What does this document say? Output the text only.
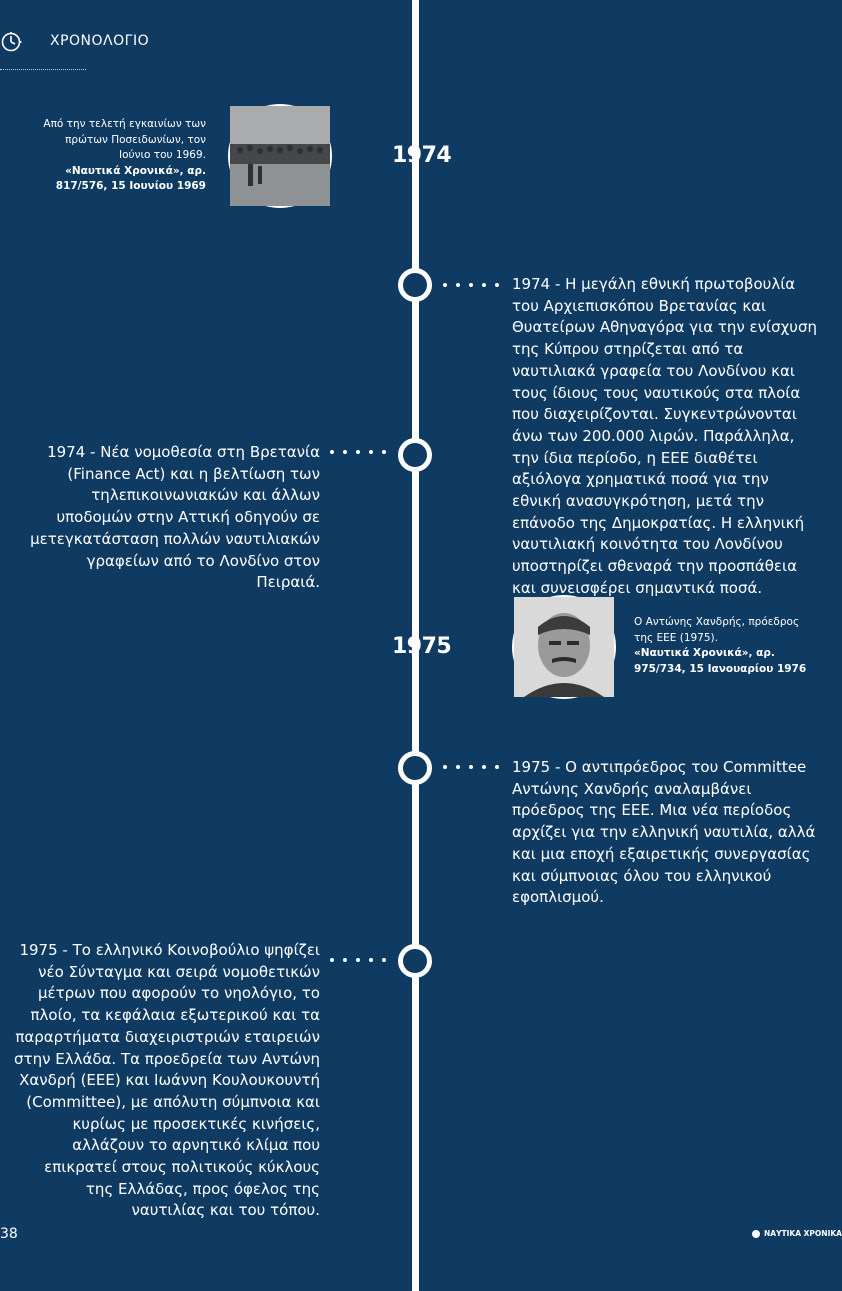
ΧΡΟΝΟΛΟΓΙΟ
1974
1975
Από την τελετή εγκαινίων των πρώτων Ποσειδωνίων, τον Ιούνιο του 1969.
«Ναυτικά Χρονικά», αρ.
817/576, 15 Ιουνίου 1969
1974 - Η μεγάλη εθνική πρωτοβουλία του Αρχιεπισκόπου Βρετανίας και Θυατείρων Αθηναγόρα για την ενίσχυση της Κύπρου στηρίζεται από τα ναυτιλιακά γραφεία του Λονδίνου και τους ίδιους τους ναυτικούς στα πλοία που διαχειρίζονται. Συγκεντρώνονται άνω των 200.000 λιρών. Παράλληλα, την ίδια περίοδο, η ΕΕΕ διαθέτει αξιόλογα χρηματικά ποσά για την εθνική ανασυγκρότηση, μετά την επάνοδο της Δημοκρατίας. Η ελληνική ναυτιλιακή κοινότητα του Λονδίνου υποστηρίζει σθεναρά την προσπάθεια και συνεισφέρει σημαντικά ποσά.
1974 - Νέα νομοθεσία στη Βρετανία (Finance Act) και η βελτίωση των τηλεπικοινωνιακών και άλλων υποδομών στην Αττική οδηγούν σε μετεγκατάσταση πολλών ναυτιλιακών γραφείων από το Λονδίνο στον Πειραιά.
Ο Αντώνης Χανδρής, πρόεδρος της ΕΕΕ (1975).
«Ναυτικά Χρονικά», αρ.
975/734, 15 Ιανουαρίου 1976
1975 - Ο αντιπρόεδρος του Committee Αντώνης Χανδρής αναλαμβάνει πρόεδρος της ΕΕΕ. Μια νέα περίοδος αρχίζει για την ελληνική ναυτιλία, αλλά και μια εποχή εξαιρετικής συνεργασίας και σύμπνοιας όλου του ελληνικού εφοπλισμού.
1975 - Το ελληνικό Κοινοβούλιο ψηφίζει νέο Σύνταγμα και σειρά νομοθετικών μέτρων που αφορούν το νηολόγιο, το πλοίο, τα κεφάλαια εξωτερικού και τα παραρτήματα διαχειριστριών εταιρειών στην Ελλάδα. Τα προεδρεία των Αντώνη Χανδρή (ΕΕΕ) και Ιωάννη Κουλουκουντή (Committee), με απόλυτη σύμπνοια και κυρίως με προσεκτικές κινήσεις, αλλάζουν το αρνητικό κλίμα που επικρατεί στους πολιτικούς κύκλους της Ελλάδας, προς όφελος της ναυτιλίας και του τόπου.
38	ΝΑΥΤΙΚΑ ΧΡΟΝΙΚΑ
